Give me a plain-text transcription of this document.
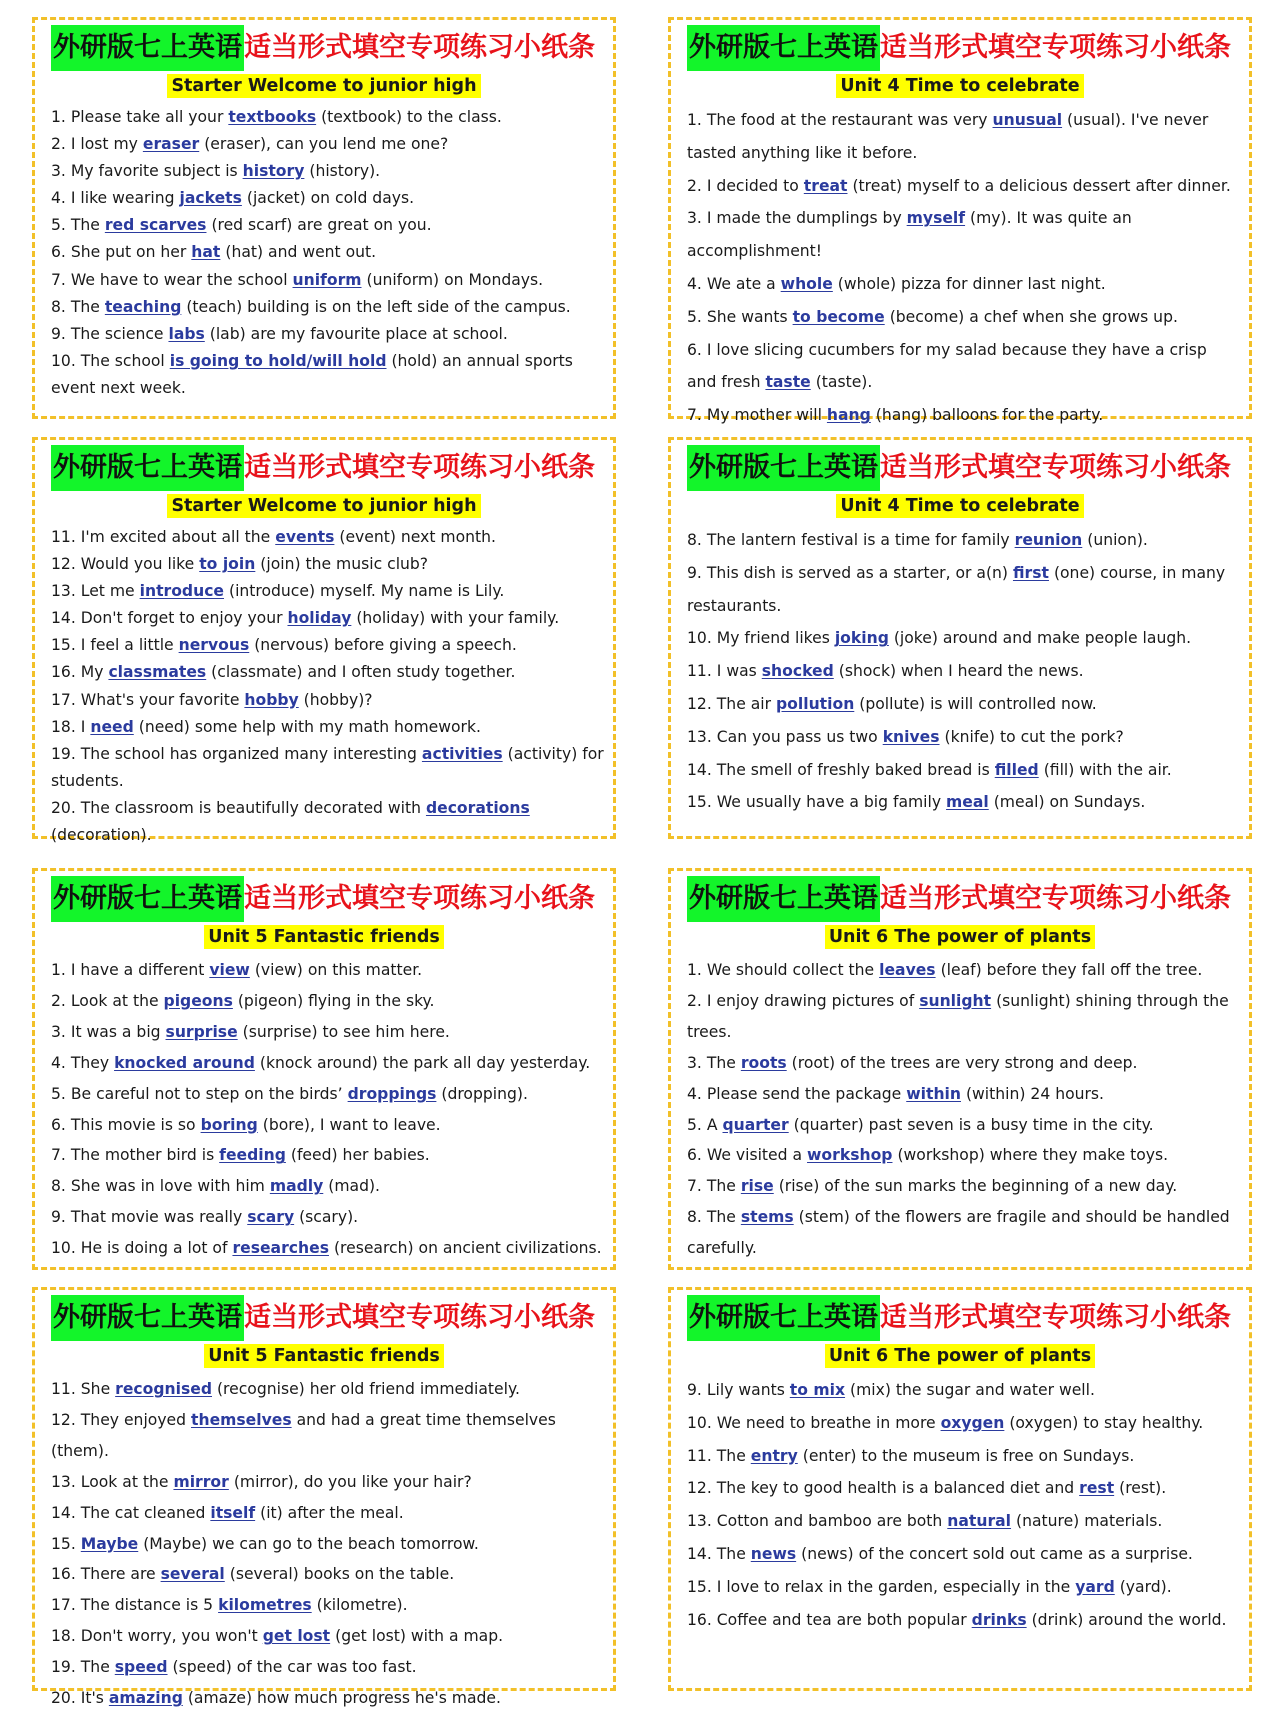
外研版七上英语适当形式填空专项练习小纸条
Starter Welcome to junior high
1. Please take all your textbooks (textbook) to the class.
2. I lost my eraser (eraser), can you lend me one?
3. My favorite subject is history (history).
4. I like wearing jackets (jacket) on cold days.
5. The red scarves (red scarf) are great on you.
6. She put on her hat (hat) and went out.
7. We have to wear the school uniform (uniform) on Mondays.
8. The teaching (teach) building is on the left side of the campus.
9. The science labs (lab) are my favourite place at school.
10. The school is going to hold/will hold (hold) an annual sports event next week.
外研版七上英语适当形式填空专项练习小纸条
Unit 4 Time to celebrate
1. The food at the restaurant was very unusual (usual). I've never tasted anything like it before.
2. I decided to treat (treat) myself to a delicious dessert after dinner.
3. I made the dumplings by myself (my). It was quite an accomplishment!
4. We ate a whole (whole) pizza for dinner last night.
5. She wants to become (become) a chef when she grows up.
6. I love slicing cucumbers for my salad because they have a crisp and fresh taste (taste).
7. My mother will hang (hang) balloons for the party.
外研版七上英语适当形式填空专项练习小纸条
Starter Welcome to junior high
11. I'm excited about all the events (event) next month.
12. Would you like to join (join) the music club?
13. Let me introduce (introduce) myself. My name is Lily.
14. Don't forget to enjoy your holiday (holiday) with your family.
15. I feel a little nervous (nervous) before giving a speech.
16. My classmates (classmate) and I often study together.
17. What's your favorite hobby (hobby)?
18. I need (need) some help with my math homework.
19. The school has organized many interesting activities (activity) for students.
20. The classroom is beautifully decorated with decorations (decoration).
外研版七上英语适当形式填空专项练习小纸条
Unit 4 Time to celebrate
8. The lantern festival is a time for family reunion (union).
9. This dish is served as a starter, or a(n) first (one) course, in many restaurants.
10. My friend likes joking (joke) around and make people laugh.
11. I was shocked (shock) when I heard the news.
12. The air pollution (pollute) is will controlled now.
13. Can you pass us two knives (knife) to cut the pork?
14. The smell of freshly baked bread is filled (fill) with the air.
15. We usually have a big family meal (meal) on Sundays.
外研版七上英语适当形式填空专项练习小纸条
Unit 5 Fantastic friends
1. I have a different view (view) on this matter.
2. Look at the pigeons (pigeon) flying in the sky.
3. It was a big surprise (surprise) to see him here.
4. They knocked around (knock around) the park all day yesterday.
5. Be careful not to step on the birds’ droppings (dropping).
6. This movie is so boring (bore), I want to leave.
7. The mother bird is feeding (feed) her babies.
8. She was in love with him madly (mad).
9. That movie was really scary (scary).
10. He is doing a lot of researches (research) on ancient civilizations.
外研版七上英语适当形式填空专项练习小纸条
Unit 6 The power of plants
1. We should collect the leaves (leaf) before they fall off the tree.
2. I enjoy drawing pictures of sunlight (sunlight) shining through the trees.
3. The roots (root) of the trees are very strong and deep.
4. Please send the package within (within) 24 hours.
5. A quarter (quarter) past seven is a busy time in the city.
6. We visited a workshop (workshop) where they make toys.
7. The rise (rise) of the sun marks the beginning of a new day.
8. The stems (stem) of the flowers are fragile and should be handled carefully.
外研版七上英语适当形式填空专项练习小纸条
Unit 5 Fantastic friends
11. She recognised (recognise) her old friend immediately.
12. They enjoyed themselves and had a great time themselves (them).
13. Look at the mirror (mirror), do you like your hair?
14. The cat cleaned itself (it) after the meal.
15. Maybe (Maybe) we can go to the beach tomorrow.
16. There are several (several) books on the table.
17. The distance is 5 kilometres (kilometre).
18. Don't worry, you won't get lost (get lost) with a map.
19. The speed (speed) of the car was too fast.
20. It's amazing (amaze) how much progress he's made.
外研版七上英语适当形式填空专项练习小纸条
Unit 6 The power of plants
9. Lily wants to mix (mix) the sugar and water well.
10. We need to breathe in more oxygen (oxygen) to stay healthy.
11. The entry (enter) to the museum is free on Sundays.
12. The key to good health is a balanced diet and rest (rest).
13. Cotton and bamboo are both natural (nature) materials.
14. The news (news) of the concert sold out came as a surprise.
15. I love to relax in the garden, especially in the yard (yard).
16. Coffee and tea are both popular drinks (drink) around the world.
